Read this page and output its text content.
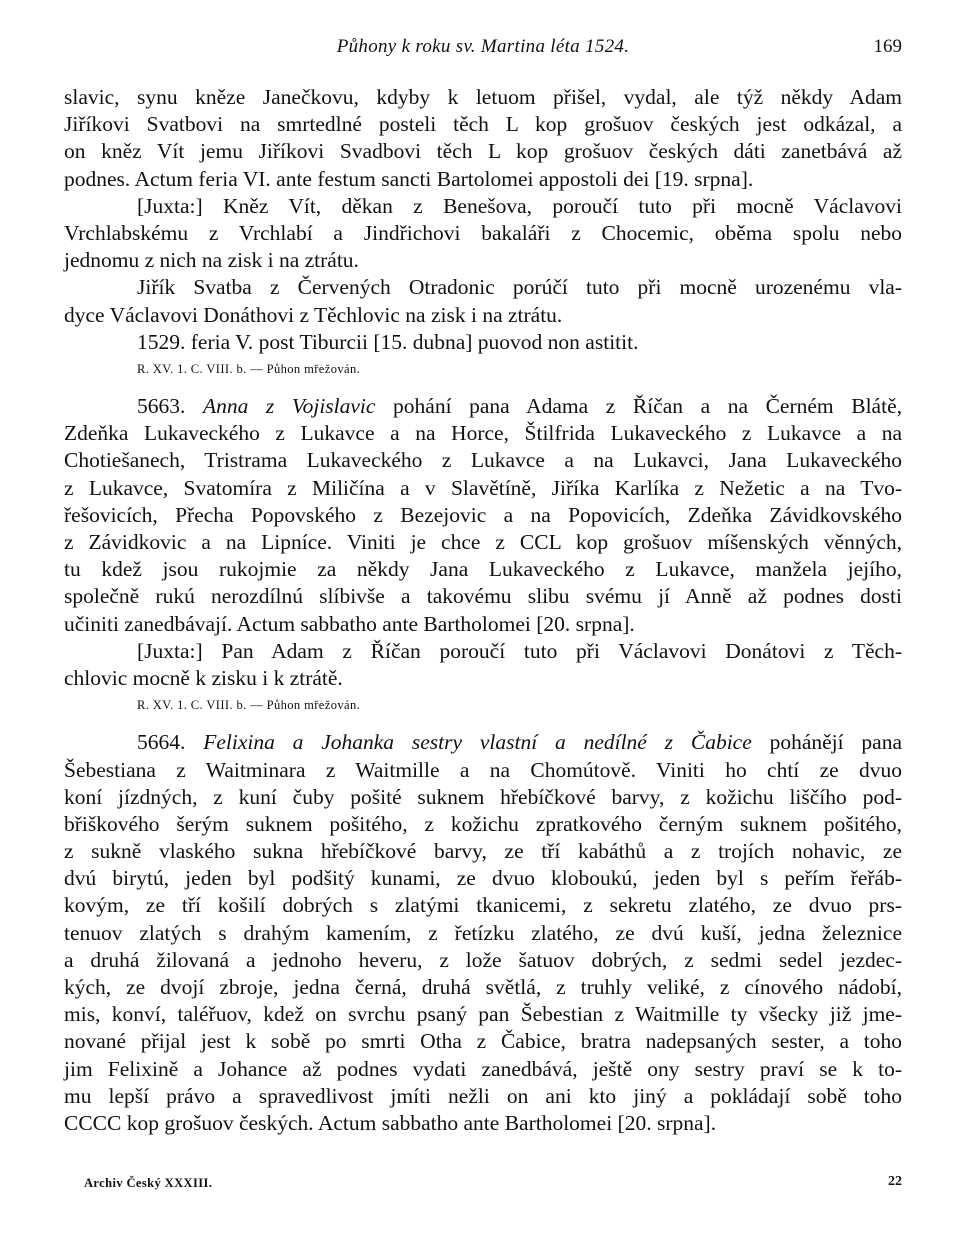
Půhony k roku sv. Martina léta 1524.	169
slavic, synu kněze Janečkovu, kdyby k letuom přišel, vydal, ale týž někdy Adam
Jiříkovi Svatbovi na smrtedlné posteli těch L kop grošuov českých jest odkázal, a
on kněz Vít jemu Jiříkovi Svadbovi těch L kop grošuov českých dáti zanetbává až
podnes. Actum feria VI. ante festum sancti Bartolomei appostoli dei [19. srpna].
[Juxta:] Kněz Vít, děkan z Benešova, poroučí tuto při mocně Václavovi
Vrchlabskému z Vrchlabí a Jindřichovi bakaláři z Chocemic, oběma spolu nebo
jednomu z nich na zisk i na ztrátu.
Jiřík Svatba z Červených Otradonic porúčí tuto při mocně urozenému vla-
dyce Václavovi Donáthovi z Těchlovic na zisk i na ztrátu.
1529. feria V. post Tiburcii [15. dubna] puovod non astitit.
R. XV. 1. C. VIII. b. — Půhon mřežován.
5663. Anna z Vojislavic pohání pana Adama z Říčan a na Černém Blátě,
Zdeňka Lukaveckého z Lukavce a na Horce, Štilfrida Lukaveckého z Lukavce a na
Chotiešanech, Tristrama Lukaveckého z Lukavce a na Lukavci, Jana Lukaveckého
z Lukavce, Svatomíra z Miličína a v Slavětíně, Jiříka Karlíka z Nežetic a na Tvo-
řešovicích, Přecha Popovského z Bezejovic a na Popovicích, Zdeňka Závidkovského
z Závidkovic a na Lipníce. Viniti je chce z CCL kop grošuov míšenských věnných,
tu kdež jsou rukojmie za někdy Jana Lukaveckého z Lukavce, manžela jejího,
společně rukú nerozdílnú slíbivše a takovému slibu svému jí Anně až podnes dosti
učiniti zanedbávají. Actum sabbatho ante Bartholomei [20. srpna].
[Juxta:] Pan Adam z Říčan poroučí tuto při Václavovi Donátovi z Těch-
chlovic mocně k zisku i k ztrátě.
R. XV. 1. C. VIII. b. — Půhon mřežován.
5664. Felixina a Johanka sestry vlastní a nedílné z Čabice pohánějí pana
Šebestiana z Waitminara z Waitmille a na Chomútově. Viniti ho chtí ze dvuo
koní jízdných, z kuní čuby pošité suknem hřebíčkové barvy, z kožichu liščího pod-
břiškového šerým suknem pošitého, z kožichu zpratkového černým suknem pošitého,
z sukně vlaského sukna hřebíčkové barvy, ze tří kabáthů a z trojích nohavic, ze
dvú birytú, jeden byl podšitý kunami, ze dvuo kloboukú, jeden byl s peřím řeřáb-
kovým, ze tří košilí dobrých s zlatými tkanicemi, z sekretu zlatého, ze dvuo prs-
tenuov zlatých s drahým kamením, z řetízku zlatého, ze dvú kuší, jedna železnice
a druhá žilovaná a jednoho heveru, z lože šatuov dobrých, z sedmi sedel jezdec-
kých, ze dvojí zbroje, jedna černá, druhá světlá, z truhly veliké, z cínového nádobí,
mis, konví, taléřuov, kdež on svrchu psaný pan Šebestian z Waitmille ty všecky již jme-
nované přijal jest k sobě po smrti Otha z Čabice, bratra nadepsaných sester, a toho
jim Felixině a Johance až podnes vydati zanedbává, ještě ony sestry praví se k to-
mu lepší právo a spravedlivost jmíti nežli on ani kto jiný a pokládají sobě toho
CCCC kop grošuov českých. Actum sabbatho ante Bartholomei [20. srpna].
Archiv Český XXXIII.	22
